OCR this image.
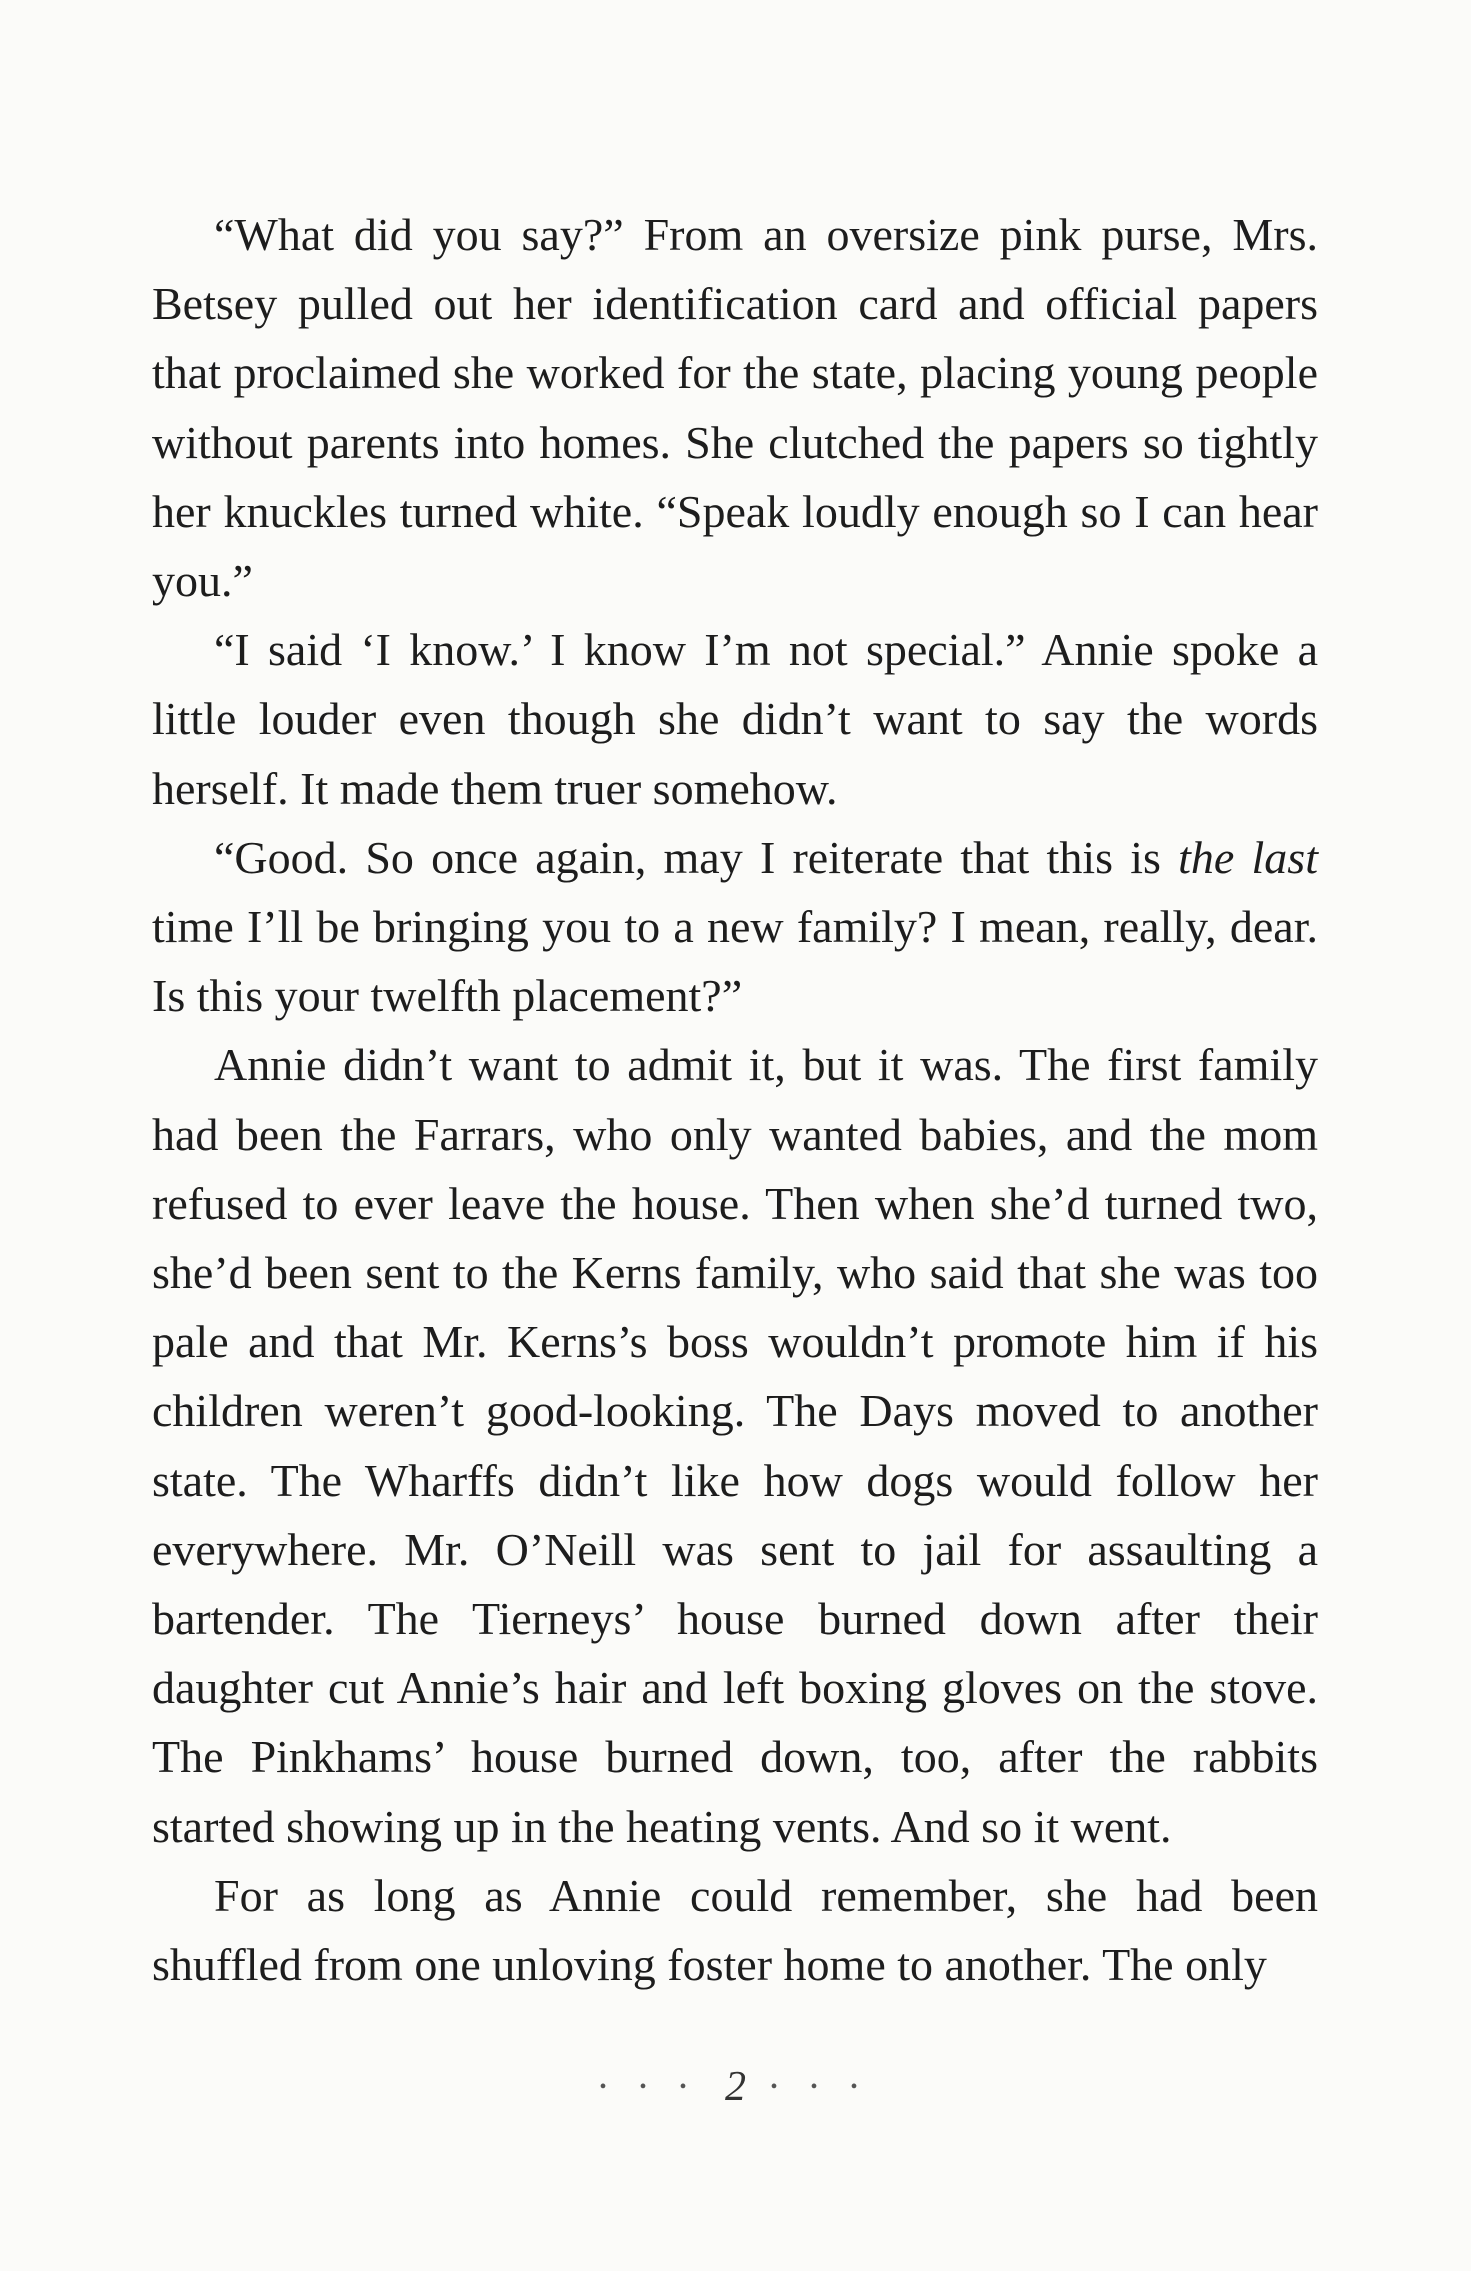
“What did you say?” From an oversize pink purse, Mrs. Betsey pulled out her identification card and official papers that proclaimed she worked for the state, placing young people without parents into homes. She clutched the papers so tightly her knuckles turned white. “Speak loudly enough so I can hear you.”

“I said ‘I know.’ I know I’m not special.” Annie spoke a little louder even though she didn’t want to say the words herself. It made them truer somehow.

“Good. So once again, may I reiterate that this is the last time I’ll be bringing you to a new family? I mean, really, dear. Is this your twelfth placement?”

Annie didn’t want to admit it, but it was. The first family had been the Farrars, who only wanted babies, and the mom refused to ever leave the house. Then when she’d turned two, she’d been sent to the Kerns family, who said that she was too pale and that Mr. Kerns’s boss wouldn’t promote him if his children weren’t good-looking. The Days moved to another state. The Wharffs didn’t like how dogs would follow her everywhere. Mr. O’Neill was sent to jail for assaulting a bartender. The Tierneys’ house burned down after their daughter cut Annie’s hair and left boxing gloves on the stove. The Pinkhams’ house burned down, too, after the rabbits started showing up in the heating vents. And so it went.

For as long as Annie could remember, she had been shuffled from one unloving foster home to another. The only

• • • 2 • • •
